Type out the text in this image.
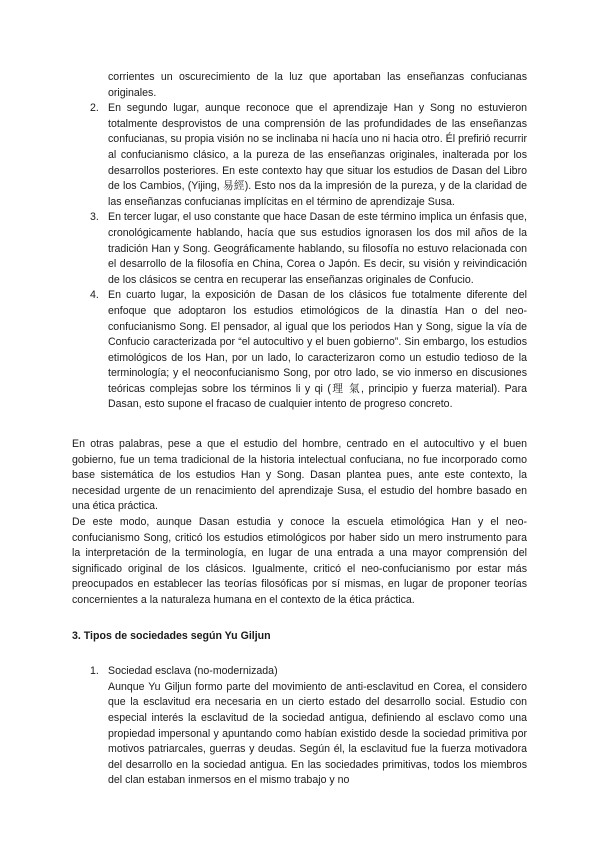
corrientes un oscurecimiento de la luz que aportaban las enseñanzas confucianas originales.

2. En segundo lugar, aunque reconoce que el aprendizaje Han y Song no estuvieron totalmente desprovistos de una comprensión de las profundidades de las enseñanzas confucianas, su propia visión no se inclinaba ni hacía uno ni hacia otro. Él prefirió recurrir al confucianismo clásico, a la pureza de las enseñanzas originales, inalterada por los desarrollos posteriores. En este contexto hay que situar los estudios de Dasan del Libro de los Cambios, (Yijing, 易經). Esto nos da la impresión de la pureza, y de la claridad de las enseñanzas confucianas implícitas en el término de aprendizaje Susa.

3. En tercer lugar, el uso constante que hace Dasan de este término implica un énfasis que, cronológicamente hablando, hacía que sus estudios ignorasen los dos mil años de la tradición Han y Song. Geográficamente hablando, su filosofía no estuvo relacionada con el desarrollo de la filosofía en China, Corea o Japón. Es decir, su visión y reivindicación de los clásicos se centra en recuperar las enseñanzas originales de Confucio.

4. En cuarto lugar, la exposición de Dasan de los clásicos fue totalmente diferente del enfoque que adoptaron los estudios etimológicos de la dinastía Han o del neo-confucianismo Song. El pensador, al igual que los periodos Han y Song, sigue la vía de Confucio caracterizada por “el autocultivo y el buen gobierno”. Sin embargo, los estudios etimológicos de los Han, por un lado, lo caracterizaron como un estudio tedioso de la terminología; y el neoconfucianismo Song, por otro lado, se vio inmerso en discusiones teóricas complejas sobre los términos li y qi (理 氣, principio y fuerza material). Para Dasan, esto supone el fracaso de cualquier intento de progreso concreto.

En otras palabras, pese a que el estudio del hombre, centrado en el autocultivo y el buen gobierno, fue un tema tradicional de la historia intelectual confuciana, no fue incorporado como base sistemática de los estudios Han y Song. Dasan plantea pues, ante este contexto, la necesidad urgente de un renacimiento del aprendizaje Susa, el estudio del hombre basado en una ética práctica.

De este modo, aunque Dasan estudia y conoce la escuela etimológica Han y el neo-confucianismo Song, criticó los estudios etimológicos por haber sido un mero instrumento para la interpretación de la terminología, en lugar de una entrada a una mayor comprensión del significado original de los clásicos. Igualmente, criticó el neo-confucianismo por estar más preocupados en establecer las teorías filosóficas por sí mismas, en lugar de proponer teorías concernientes a la naturaleza humana en el contexto de la ética práctica.

3. Tipos de sociedades según Yu Giljun

1. Sociedad esclava (no-modernizada)

Aunque Yu Giljun formo parte del movimiento de anti-esclavitud en Corea, el considero que la esclavitud era necesaria en un cierto estado del desarrollo social. Estudio con especial interés la esclavitud de la sociedad antigua, definiendo al esclavo como una propiedad impersonal y apuntando como habían existido desde la sociedad primitiva por motivos patriarcales, guerras y deudas. Según él, la esclavitud fue la fuerza motivadora del desarrollo en la sociedad antigua. En las sociedades primitivas, todos los miembros del clan estaban inmersos en el mismo trabajo y no
